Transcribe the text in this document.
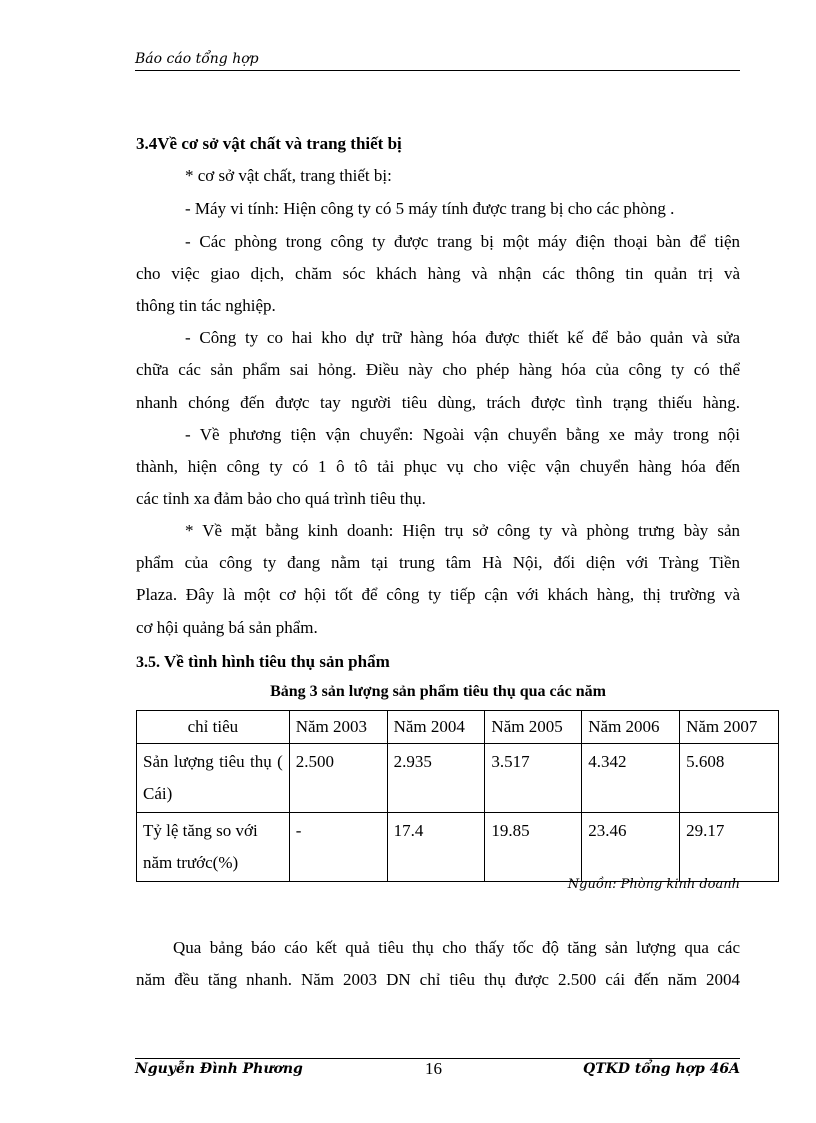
Báo cáo tổng hợp
3.4Về cơ sở vật chất và trang thiết bị
* cơ sở vật chất, trang thiết bị:
- Máy vi tính: Hiện công ty có 5 máy tính được trang bị cho các phòng .
- Các phòng trong công ty được trang bị một máy điện thoại bàn để tiện
cho việc giao dịch, chăm sóc khách hàng và nhận các thông tin quản trị và
thông tin tác nghiệp.
- Công ty co hai kho dự trữ hàng hóa được thiết kế để bảo quản và sửa
chữa các sản phẩm sai hỏng. Điều này cho phép hàng hóa của công ty có thể
nhanh chóng đến được tay người tiêu dùng, trách được tình trạng thiếu hàng.
- Về phương tiện vận chuyển: Ngoài vận chuyển bằng xe mảy trong nội
thành, hiện công ty có 1 ô tô tải phục vụ cho việc vận chuyển hàng hóa đến
các tỉnh xa đảm bảo cho quá trình tiêu thụ.
* Về mặt bằng kinh doanh: Hiện trụ sở công ty và phòng trưng bày sản
phẩm của công ty đang nằm tại trung tâm Hà Nội, đối diện với Tràng Tiền
Plaza. Đây là một cơ hội tốt để công ty tiếp cận với khách hàng, thị trường và
cơ hội quảng bá sản phẩm.
3.5. Về tình hình tiêu thụ sản phẩm
Bảng 3 sản lượng sản phẩm tiêu thụ qua các năm
chỉ tiêu	Năm 2003	Năm 2004	Năm 2005	Năm 2006	Năm 2007
Sản lượng tiêu thụ ( Cái)	2.500	2.935	3.517	4.342	5.608
Tỷ lệ tăng so với năm trước(%)	-	17.4	19.85	23.46	29.17
Nguồn: Phòng kinh doanh
Qua bảng báo cáo kết quả tiêu thụ cho thấy tốc độ tăng sản lượng qua các
năm đều tăng nhanh. Năm 2003 DN chỉ tiêu thụ được 2.500 cái đến năm 2004
Nguyễn Đình Phương	16	QTKD tổng hợp 46A
